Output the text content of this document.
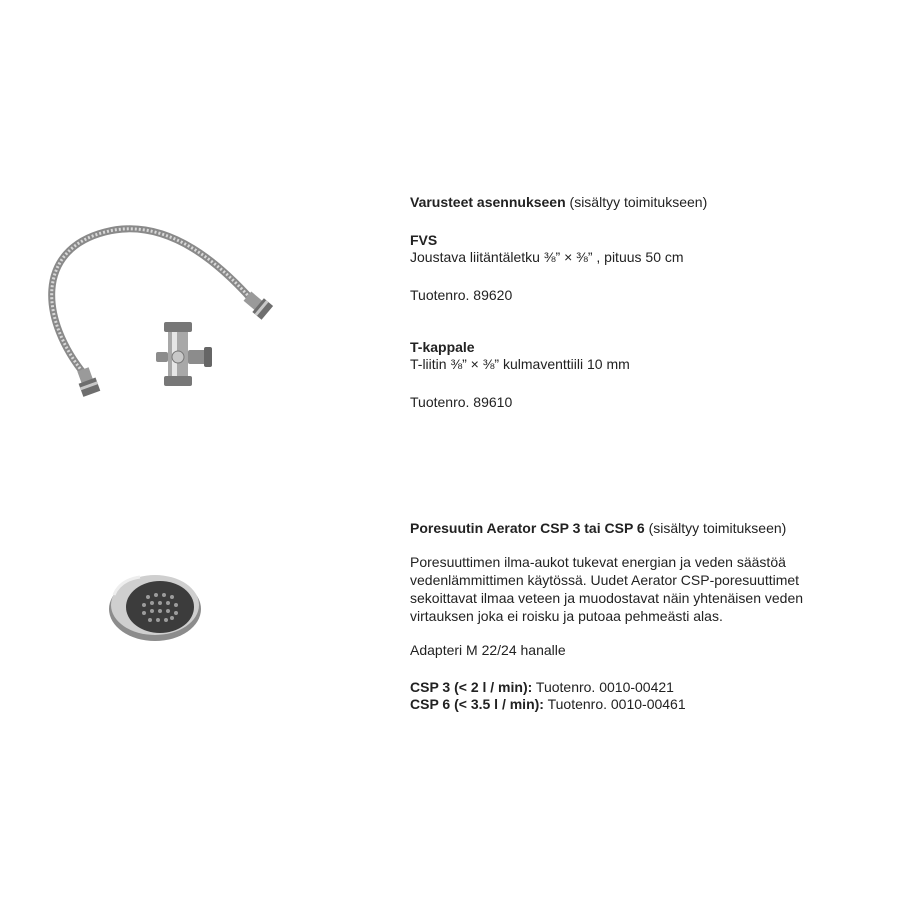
Varusteet asennukseen (sisältyy toimitukseen)
FVS
Joustava liitäntäletku ⅜” × ⅜” , pituus 50 cm
Tuotenro. 89620
T-kappale
T-liitin ⅜” × ⅜” kulmaventtiili 10 mm
Tuotenro. 89610
Poresuutin Aerator CSP 3 tai CSP 6 (sisältyy toimitukseen)
Poresuuttimen ilma-aukot tukevat energian ja veden säästöä
vedenlämmittimen käytössä. Uudet Aerator CSP-poresuuttimet
sekoittavat ilmaa veteen ja muodostavat näin yhtenäisen veden
virtauksen joka ei roisku ja putoaa pehmeästi alas.
Adapteri M 22/24 hanalle
CSP 3 (< 2 l / min): Tuotenro. 0010-00421
CSP 6 (< 3.5 l / min): Tuotenro. 0010-00461
